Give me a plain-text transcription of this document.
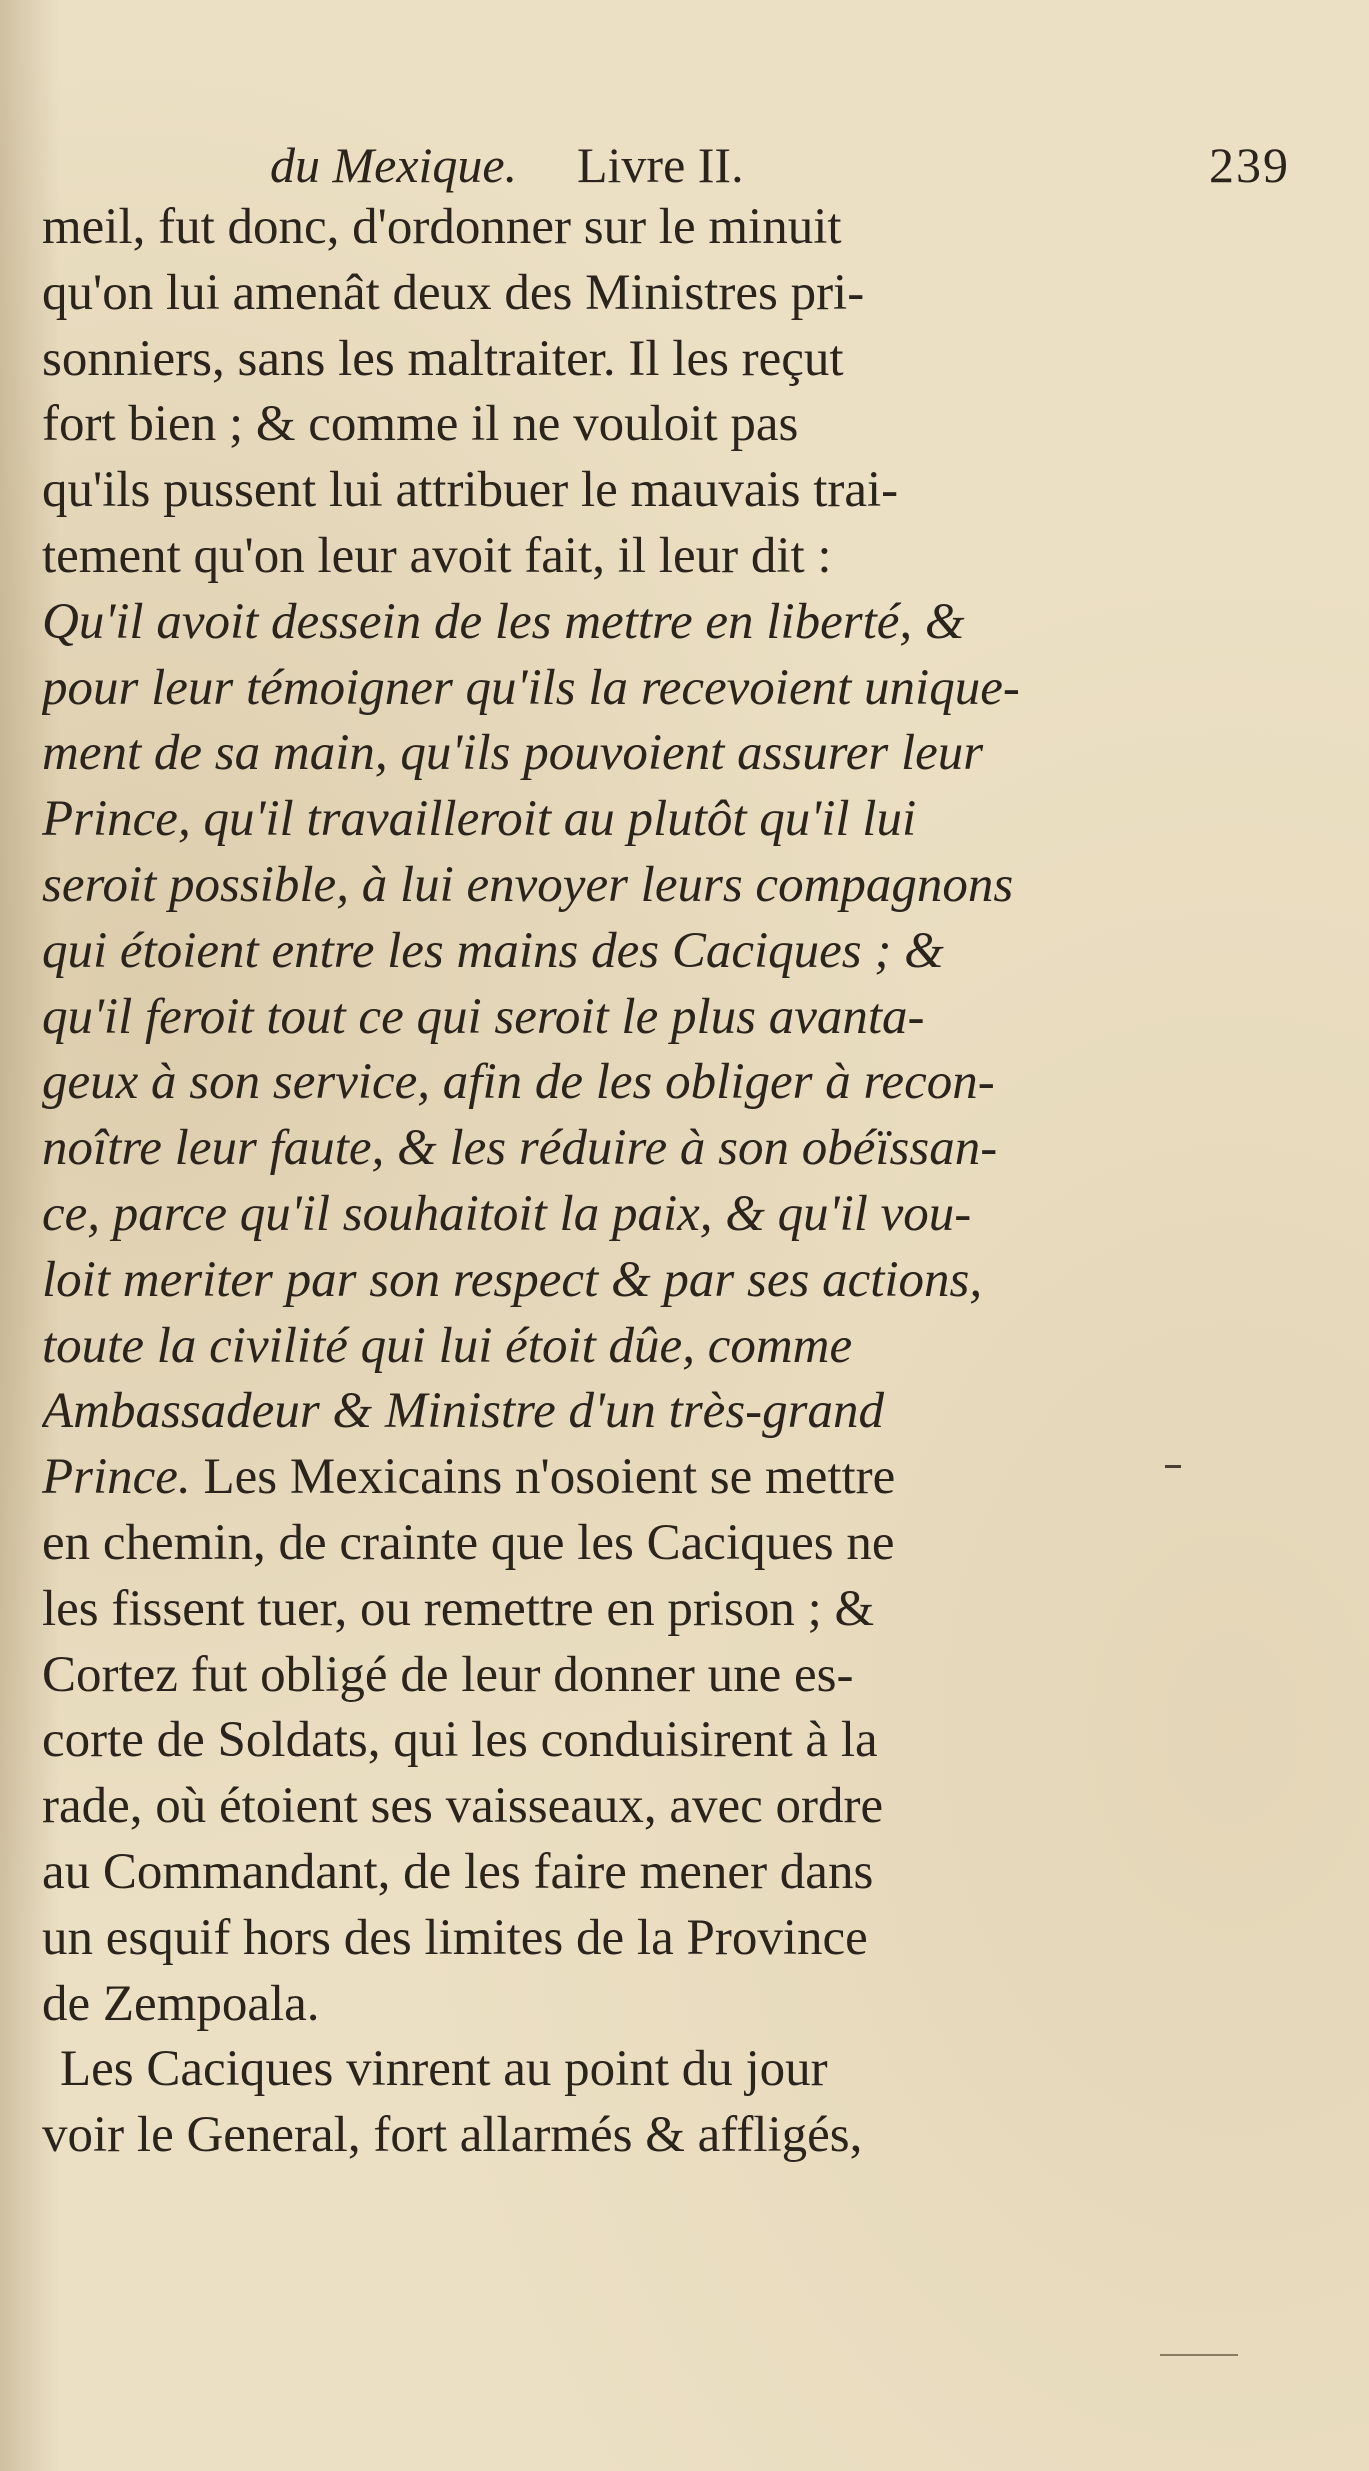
du Mexique. Livre II.	239
meil, fut donc, d'ordonner sur le minuit
qu'on lui amenât deux des Ministres pri-
sonniers, sans les maltraiter. Il les reçut
fort bien ; & comme il ne vouloit pas
qu'ils pussent lui attribuer le mauvais trai-
tement qu'on leur avoit fait, il leur dit :
Qu'il avoit dessein de les mettre en liberté, &
pour leur témoigner qu'ils la recevoient unique-
ment de sa main, qu'ils pouvoient assurer leur
Prince, qu'il travailleroit au plutôt qu'il lui
seroit possible, à lui envoyer leurs compagnons
qui étoient entre les mains des Caciques ; &
qu'il feroit tout ce qui seroit le plus avanta-
geux à son service, afin de les obliger à recon-
noître leur faute, & les réduire à son obéïssan-
ce, parce qu'il souhaitoit la paix, & qu'il vou-
loit meriter par son respect & par ses actions,
toute la civilité qui lui étoit dûe, comme
Ambassadeur & Ministre d'un très-grand
Prince. Les Mexicains n'osoient se mettre
en chemin, de crainte que les Caciques ne
les fissent tuer, ou remettre en prison ; &
Cortez fut obligé de leur donner une es-
corte de Soldats, qui les conduisirent à la
rade, où étoient ses vaisseaux, avec ordre
au Commandant, de les faire mener dans
un esquif hors des limites de la Province
de Zempoala.
Les Caciques vinrent au point du jour
voir le General, fort allarmés & affligés,
